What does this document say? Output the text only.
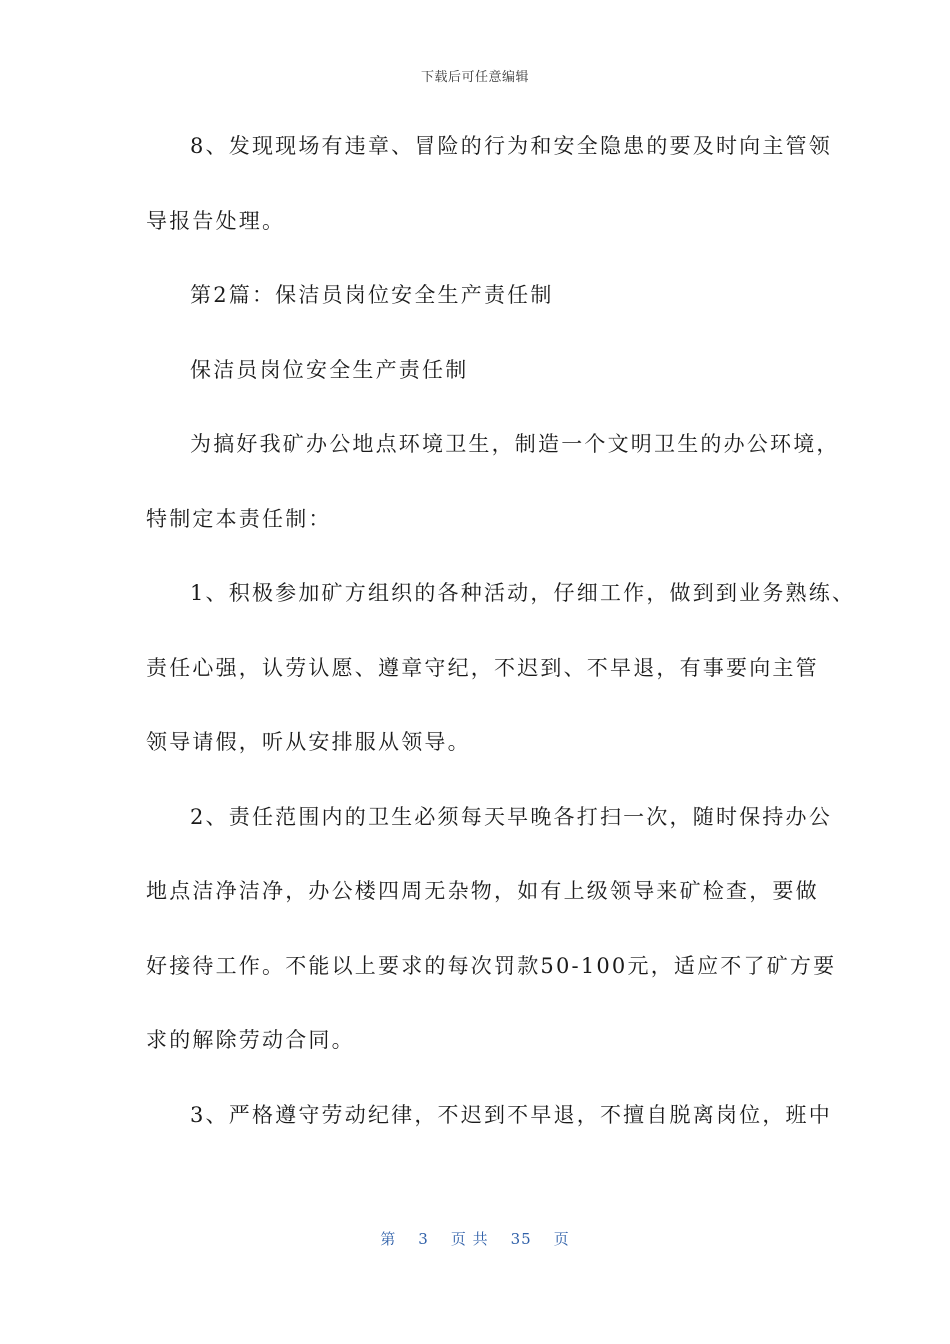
下载后可任意编辑
8、发现现场有违章、冒险的行为和安全隐患的要及时向主管领
导报告处理。
第2篇：保洁员岗位安全生产责任制
保洁员岗位安全生产责任制
为搞好我矿办公地点环境卫生，制造一个文明卫生的办公环境，
特制定本责任制：
1、积极参加矿方组织的各种活动，仔细工作，做到到业务熟练、
责任心强，认劳认愿、遵章守纪，不迟到、不早退，有事要向主管
领导请假，听从安排服从领导。
2、责任范围内的卫生必须每天早晚各打扫一次，随时保持办公
地点洁净洁净，办公楼四周无杂物，如有上级领导来矿检查，要做
好接待工作。不能以上要求的每次罚款50-100元，适应不了矿方要
求的解除劳动合同。
3、严格遵守劳动纪律，不迟到不早退，不擅自脱离岗位，班中
第 3 页 共 35 页
